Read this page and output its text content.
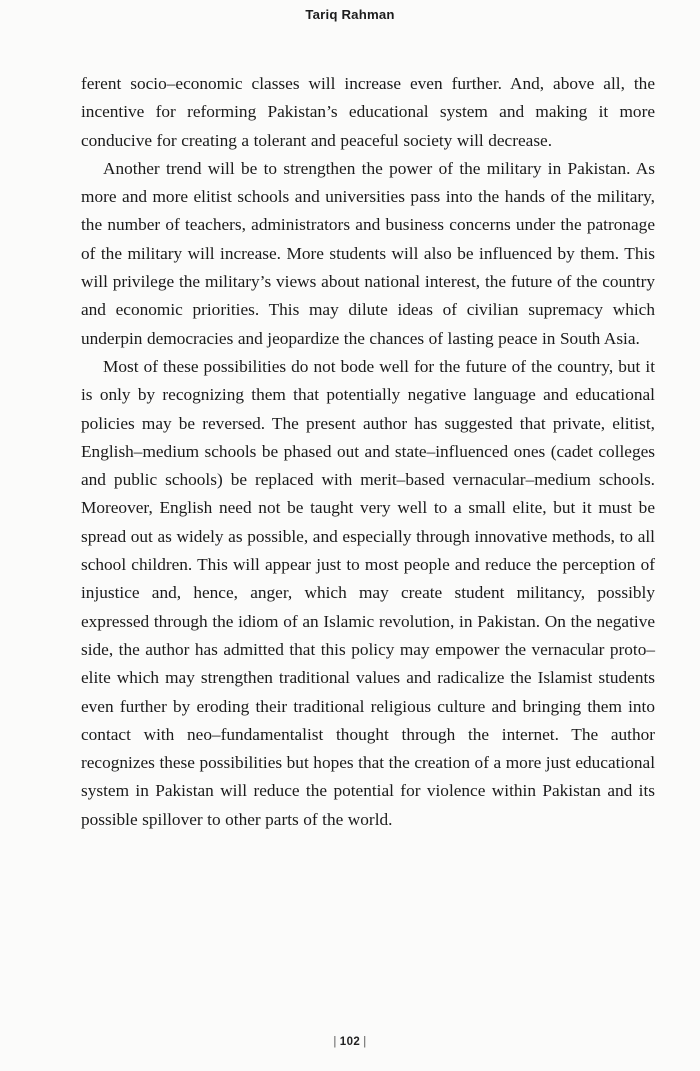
Tariq Rahman

ferent socio–economic classes will increase even further. And, above all, the incentive for reforming Pakistan’s educational system and making it more conducive for creating a tolerant and peaceful society will decrease.

Another trend will be to strengthen the power of the military in Pakistan. As more and more elitist schools and universities pass into the hands of the military, the number of teachers, administrators and business concerns under the patronage of the military will increase. More students will also be influenced by them. This will privilege the military’s views about national interest, the future of the country and economic priorities. This may dilute ideas of civilian supremacy which underpin democracies and jeopardize the chances of lasting peace in South Asia.

Most of these possibilities do not bode well for the future of the country, but it is only by recognizing them that potentially negative language and educational policies may be reversed. The present author has suggested that private, elitist, English–medium schools be phased out and state–influenced ones (cadet colleges and public schools) be replaced with merit–based vernacular–medium schools. Moreover, English need not be taught very well to a small elite, but it must be spread out as widely as possible, and especially through innovative methods, to all school children. This will appear just to most people and reduce the perception of injustice and, hence, anger, which may create student militancy, possibly expressed through the idiom of an Islamic revolution, in Pakistan. On the negative side, the author has admitted that this policy may empower the vernacular proto–elite which may strengthen traditional values and radicalize the Islamist students even further by eroding their traditional religious culture and bringing them into contact with neo–fundamentalist thought through the internet. The author recognizes these possibilities but hopes that the creation of a more just educational system in Pakistan will reduce the potential for violence within Pakistan and its possible spillover to other parts of the world.

| 102 |
